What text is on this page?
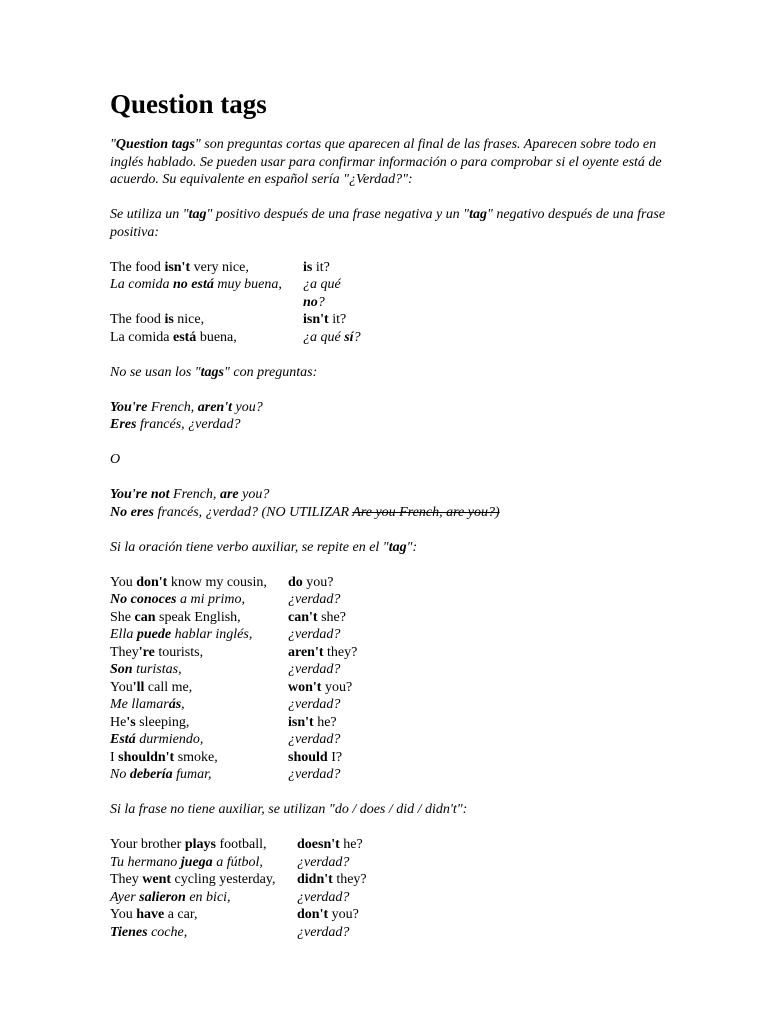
Question tags

"Question tags" son preguntas cortas que aparecen al final de las frases. Aparecen sobre todo en inglés hablado. Se pueden usar para confirmar información o para comprobar si el oyente está de acuerdo. Su equivalente en español sería "¿Verdad?":

Se utiliza un "tag" positivo después de una frase negativa y un "tag" negativo después de una frase positiva:

The food isn't very nice,	is it?
La comida no está muy buena,	¿a qué
no?
The food is nice,	isn't it?
La comida está buena,	¿a qué sí?

No se usan los "tags" con preguntas:

You're French, aren't you?

Eres francés, ¿verdad?

O

You're not French, are you?

No eres francés, ¿verdad? (NO UTILIZAR Are you French, are you?)

Si la oración tiene verbo auxiliar, se repite en el "tag":

You don't know my cousin,	do you?
No conoces a mi primo,	¿verdad?
She can speak English,	can't she?
Ella puede hablar inglés,	¿verdad?
They're tourists,	aren't they?
Son turistas,	¿verdad?
You'll call me,	won't you?
Me llamarás,	¿verdad?
He's sleeping,	isn't he?
Está durmiendo,	¿verdad?
I shouldn't smoke,	should I?
No debería fumar,	¿verdad?

Si la frase no tiene auxiliar, se utilizan "do / does / did / didn't":

Your brother plays football,	doesn't he?
Tu hermano juega a fútbol,	¿verdad?
They went cycling yesterday,	didn't they?
Ayer salieron en bici,	¿verdad?
You have a car,	don't you?
Tienes coche,	¿verdad?
